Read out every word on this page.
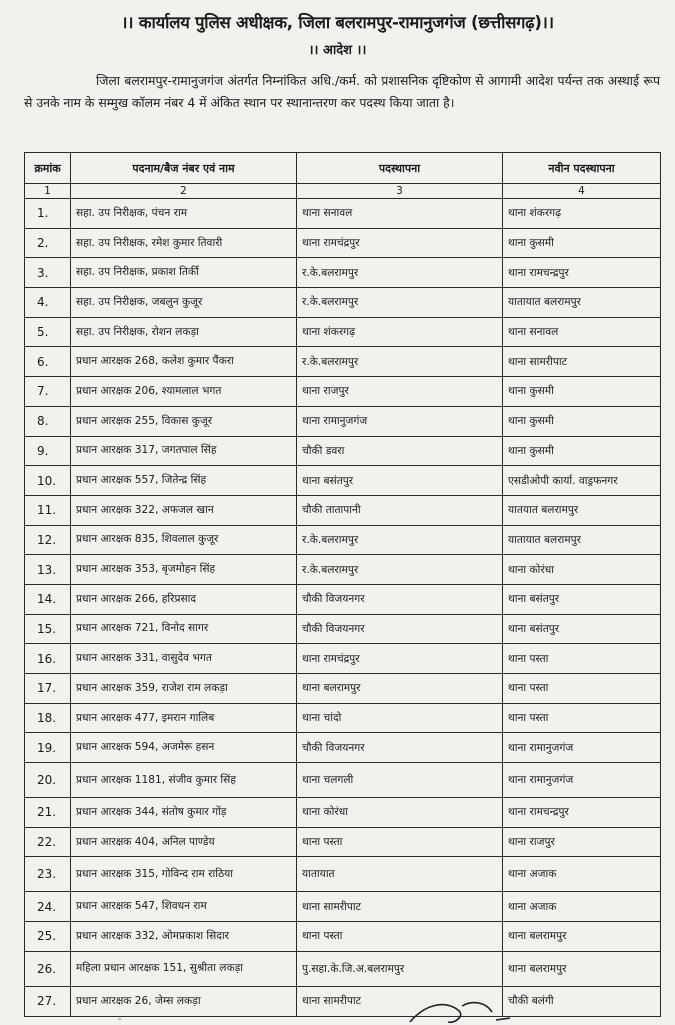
।। कार्यालय पुलिस अधीक्षक, जिला बलरामपुर-रामानुजगंज (छत्तीसगढ़)।।
।। आदेश ।।
जिला बलरामपुर-रामानुजगंज अंतर्गत निम्नांकित अधि./कर्म. को प्रशासनिक दृष्टिकोण से आगामी आदेश पर्यन्त तक अस्थाई रूप से उनके नाम के सम्मुख कॉलम नंबर 4 में अंकित स्थान पर स्थानान्तरण कर पदस्थ किया जाता है।
क्रमांक	पदनाम/बैज नंबर एवं नाम	पदस्थापना	नवीन पदस्थापना
1	2	3	4
1.	सहा. उप निरीक्षक, पंचन राम	थाना सनावल	थाना शंकरगढ़
2.	सहा. उप निरीक्षक, रमेश कुमार तिवारी	थाना रामचंद्रपुर	थाना कुसमी
3.	सहा. उप निरीक्षक, प्रकाश तिर्की	र.के.बलरामपुर	थाना रामचन्द्रपुर
4.	सहा. उप निरीक्षक, जबलुन कुजूर	र.के.बलरामपुर	यातायात बलरामपुर
5.	सहा. उप निरीक्षक, रोशन लकड़ा	थाना शंकरगढ़	थाना सनावल
6.	प्रधान आरक्षक 268, कलेश कुमार पैंकरा	र.के.बलरामपुर	थाना सामरीपाट
7.	प्रधान आरक्षक 206, श्यामलाल भगत	थाना राजपुर	थाना कुसमी
8.	प्रधान आरक्षक 255, विकास कुजूर	थाना रामानुजगंज	थाना कुसमी
9.	प्रधान आरक्षक 317, जगतपाल सिंह	चौकी डवरा	थाना कुसमी
10.	प्रधान आरक्षक 557, जितेन्द्र सिंह	थाना बसंतपुर	एसडीओपी कार्या. वाड्रफनगर
11.	प्रधान आरक्षक 322, अफजल खान	चौकी तातापानी	यातयात बलरामपुर
12.	प्रधान आरक्षक 835, शिवलाल कुजूर	र.के.बलरामपुर	यातायात बलरामपुर
13.	प्रधान आरक्षक 353, बृजमोहन सिंह	र.के.बलरामपुर	थाना कोरंधा
14.	प्रधान आरक्षक 266, हरिप्रसाद	चौकी विजयनगर	थाना बसंतपुर
15.	प्रधान आरक्षक 721, विनोद सागर	चौकी विजयनगर	थाना बसंतपुर
16.	प्रधान आरक्षक 331, वासुदेव भगत	थाना रामचंद्रपुर	थाना पस्ता
17.	प्रधान आरक्षक 359, राजेश राम लकड़ा	थाना बलरामपुर	थाना पस्ता
18.	प्रधान आरक्षक 477, इमरान गालिब	थाना चांदो	थाना पस्ता
19.	प्रधान आरक्षक 594, अजमेरू हसन	चौकी विजयनगर	थाना रामानुजगंज
20.	प्रधान आरक्षक 1181, संजीव कुमार सिंह	थाना चलगली	थाना रामानुजगंज
21.	प्रधान आरक्षक 344, संतोष कुमार गोंड़	थाना कोरंधा	थाना रामचन्द्रपुर
22.	प्रधान आरक्षक 404, अनिल पाण्डेय	थाना पस्ता	थाना राजपुर
23.	प्रधान आरक्षक 315, गोविन्द राम राठिया	यातायात	थाना अजाक
24.	प्रधान आरक्षक 547, शिवधन राम	थाना सामरीपाट	थाना अजाक
25.	प्रधान आरक्षक 332, ओमप्रकाश सिदार	थाना पस्ता	थाना बलरामपुर
26.	महिला प्रधान आरक्षक 151, सुश्रीता लकड़ा	पु.सहा.के.जि.अ.बलरामपुर	थाना बलरामपुर
27.	प्रधान आरक्षक 26, जेम्स लकड़ा	थाना सामरीपाट	चौकी बलंगी
-
